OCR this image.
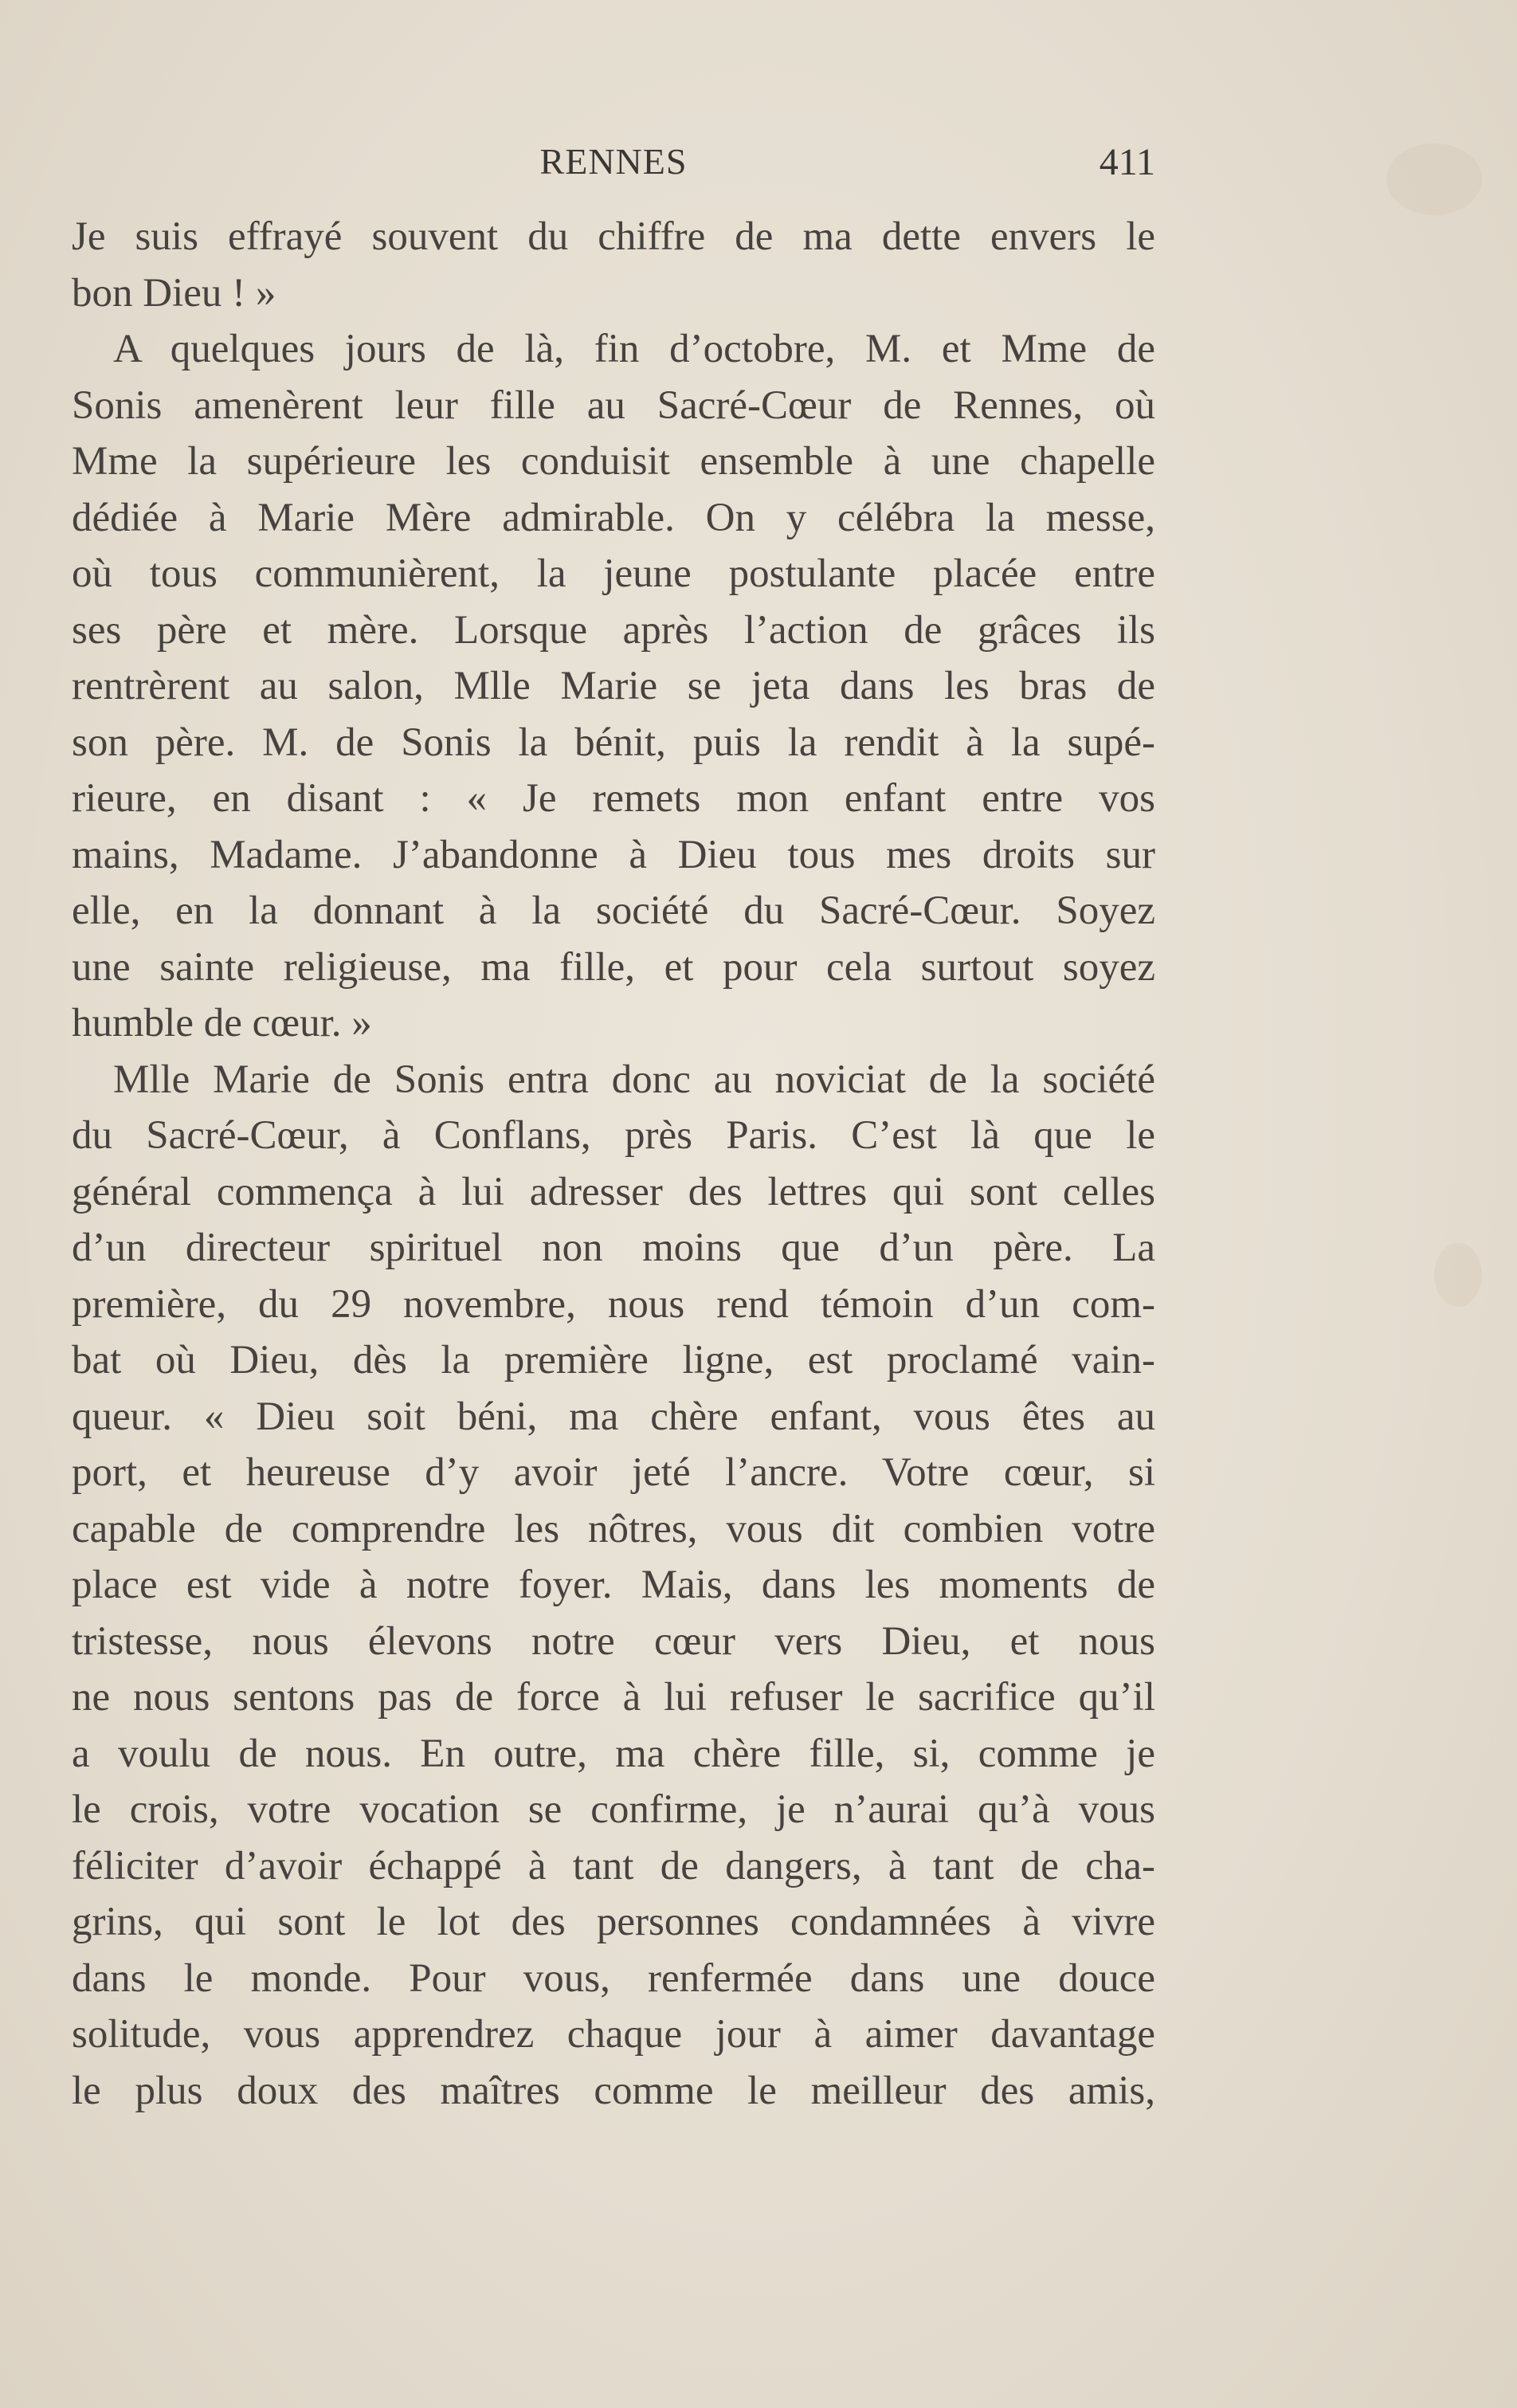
RENNES	411

Je suis effrayé souvent du chiffre de ma dette envers le

bon Dieu ! »

A quelques jours de là, fin d’octobre, M. et Mme de

Sonis amenèrent leur fille au Sacré-Cœur de Rennes, où

Mme la supérieure les conduisit ensemble à une chapelle

dédiée à Marie Mère admirable. On y célébra la messe,

où tous communièrent, la jeune postulante placée entre

ses père et mère. Lorsque après l’action de grâces ils

rentrèrent au salon, Mlle Marie se jeta dans les bras de

son père. M. de Sonis la bénit, puis la rendit à la supé-

rieure, en disant : « Je remets mon enfant entre vos

mains, Madame. J’abandonne à Dieu tous mes droits sur

elle, en la donnant à la société du Sacré-Cœur. Soyez

une sainte religieuse, ma fille, et pour cela surtout soyez

humble de cœur. »

Mlle Marie de Sonis entra donc au noviciat de la société

du Sacré-Cœur, à Conflans, près Paris. C’est là que le

général commença à lui adresser des lettres qui sont celles

d’un directeur spirituel non moins que d’un père. La

première, du 29 novembre, nous rend témoin d’un com-

bat où Dieu, dès la première ligne, est proclamé vain-

queur. « Dieu soit béni, ma chère enfant, vous êtes au

port, et heureuse d’y avoir jeté l’ancre. Votre cœur, si

capable de comprendre les nôtres, vous dit combien votre

place est vide à notre foyer. Mais, dans les moments de

tristesse, nous élevons notre cœur vers Dieu, et nous

ne nous sentons pas de force à lui refuser le sacrifice qu’il

a voulu de nous. En outre, ma chère fille, si, comme je

le crois, votre vocation se confirme, je n’aurai qu’à vous

féliciter d’avoir échappé à tant de dangers, à tant de cha-

grins, qui sont le lot des personnes condamnées à vivre

dans le monde. Pour vous, renfermée dans une douce

solitude, vous apprendrez chaque jour à aimer davantage

le plus doux des maîtres comme le meilleur des amis,
